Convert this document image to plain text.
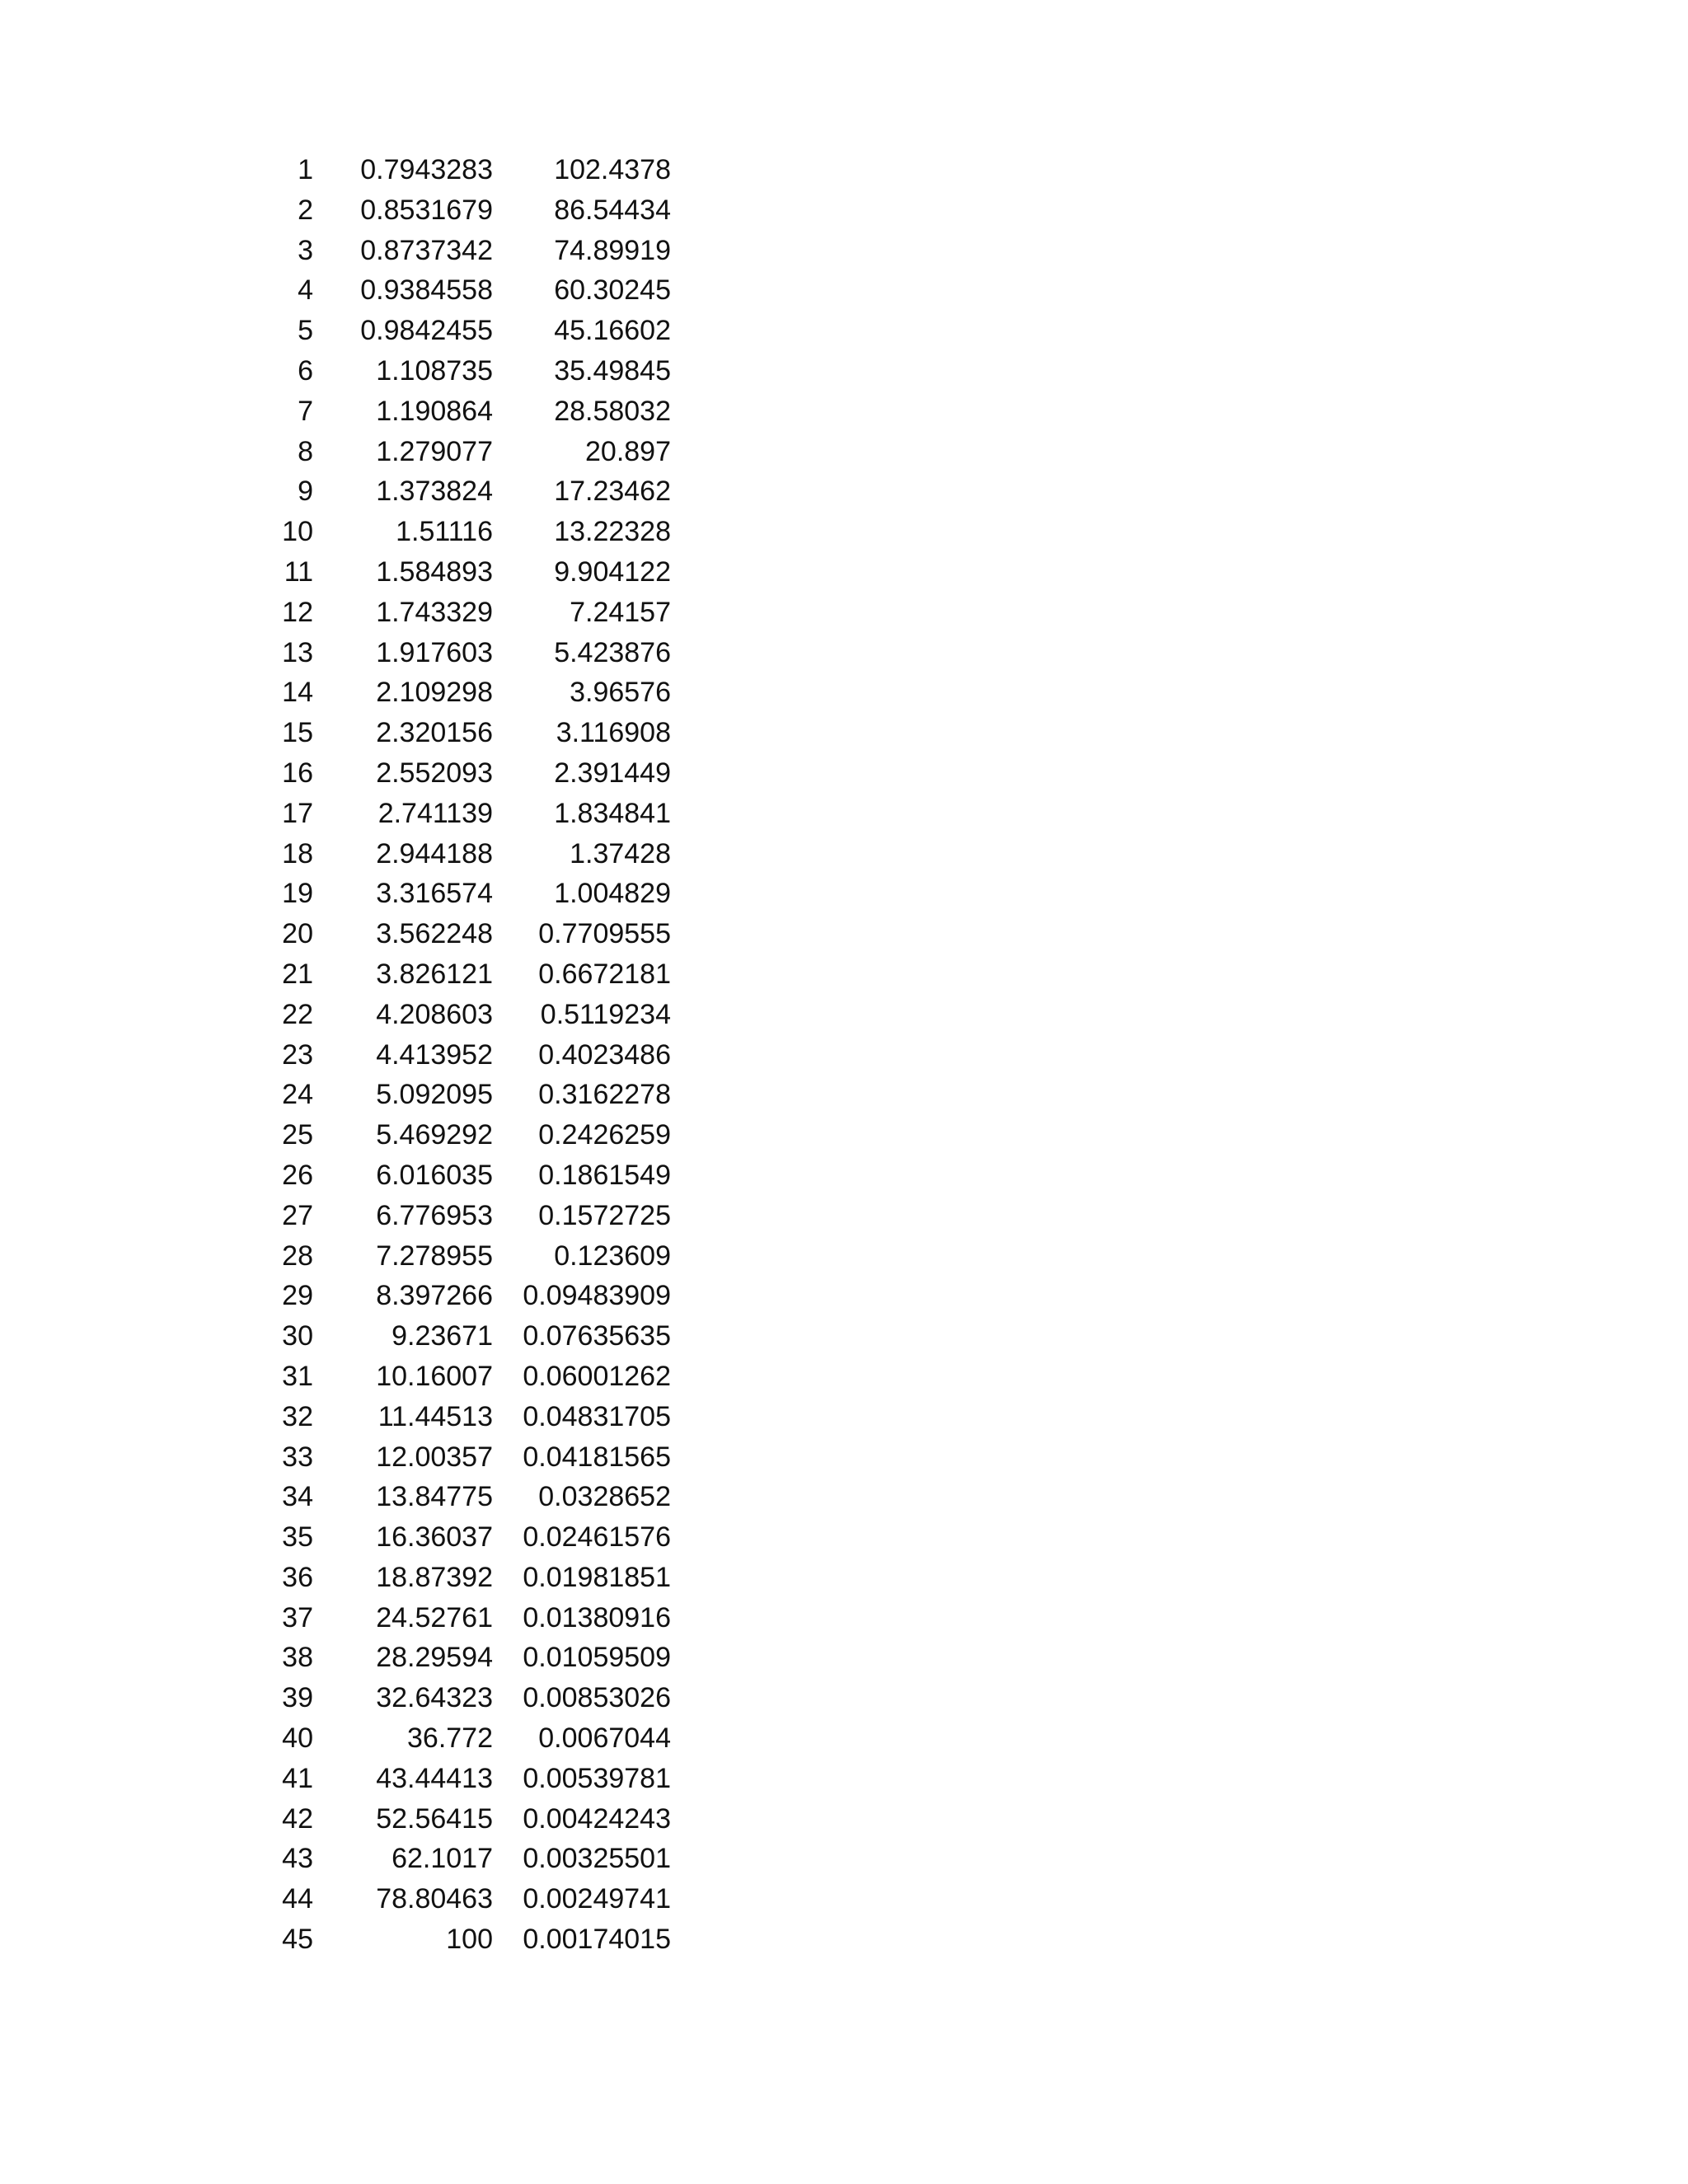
1	0.7943283	102.4378
2	0.8531679	86.54434
3	0.8737342	74.89919
4	0.9384558	60.30245
5	0.9842455	45.16602
6	1.108735	35.49845
7	1.190864	28.58032
8	1.279077	20.897
9	1.373824	17.23462
10	1.51116	13.22328
11	1.584893	9.904122
12	1.743329	7.24157
13	1.917603	5.423876
14	2.109298	3.96576
15	2.320156	3.116908
16	2.552093	2.391449
17	2.741139	1.834841
18	2.944188	1.37428
19	3.316574	1.004829
20	3.562248	0.7709555
21	3.826121	0.6672181
22	4.208603	0.5119234
23	4.413952	0.4023486
24	5.092095	0.3162278
25	5.469292	0.2426259
26	6.016035	0.1861549
27	6.776953	0.1572725
28	7.278955	0.123609
29	8.397266	0.09483909
30	9.23671	0.07635635
31	10.16007	0.06001262
32	11.44513	0.04831705
33	12.00357	0.04181565
34	13.84775	0.0328652
35	16.36037	0.02461576
36	18.87392	0.01981851
37	24.52761	0.01380916
38	28.29594	0.01059509
39	32.64323	0.00853026
40	36.772	0.0067044
41	43.44413	0.00539781
42	52.56415	0.00424243
43	62.1017	0.00325501
44	78.80463	0.00249741
45	100	0.00174015
